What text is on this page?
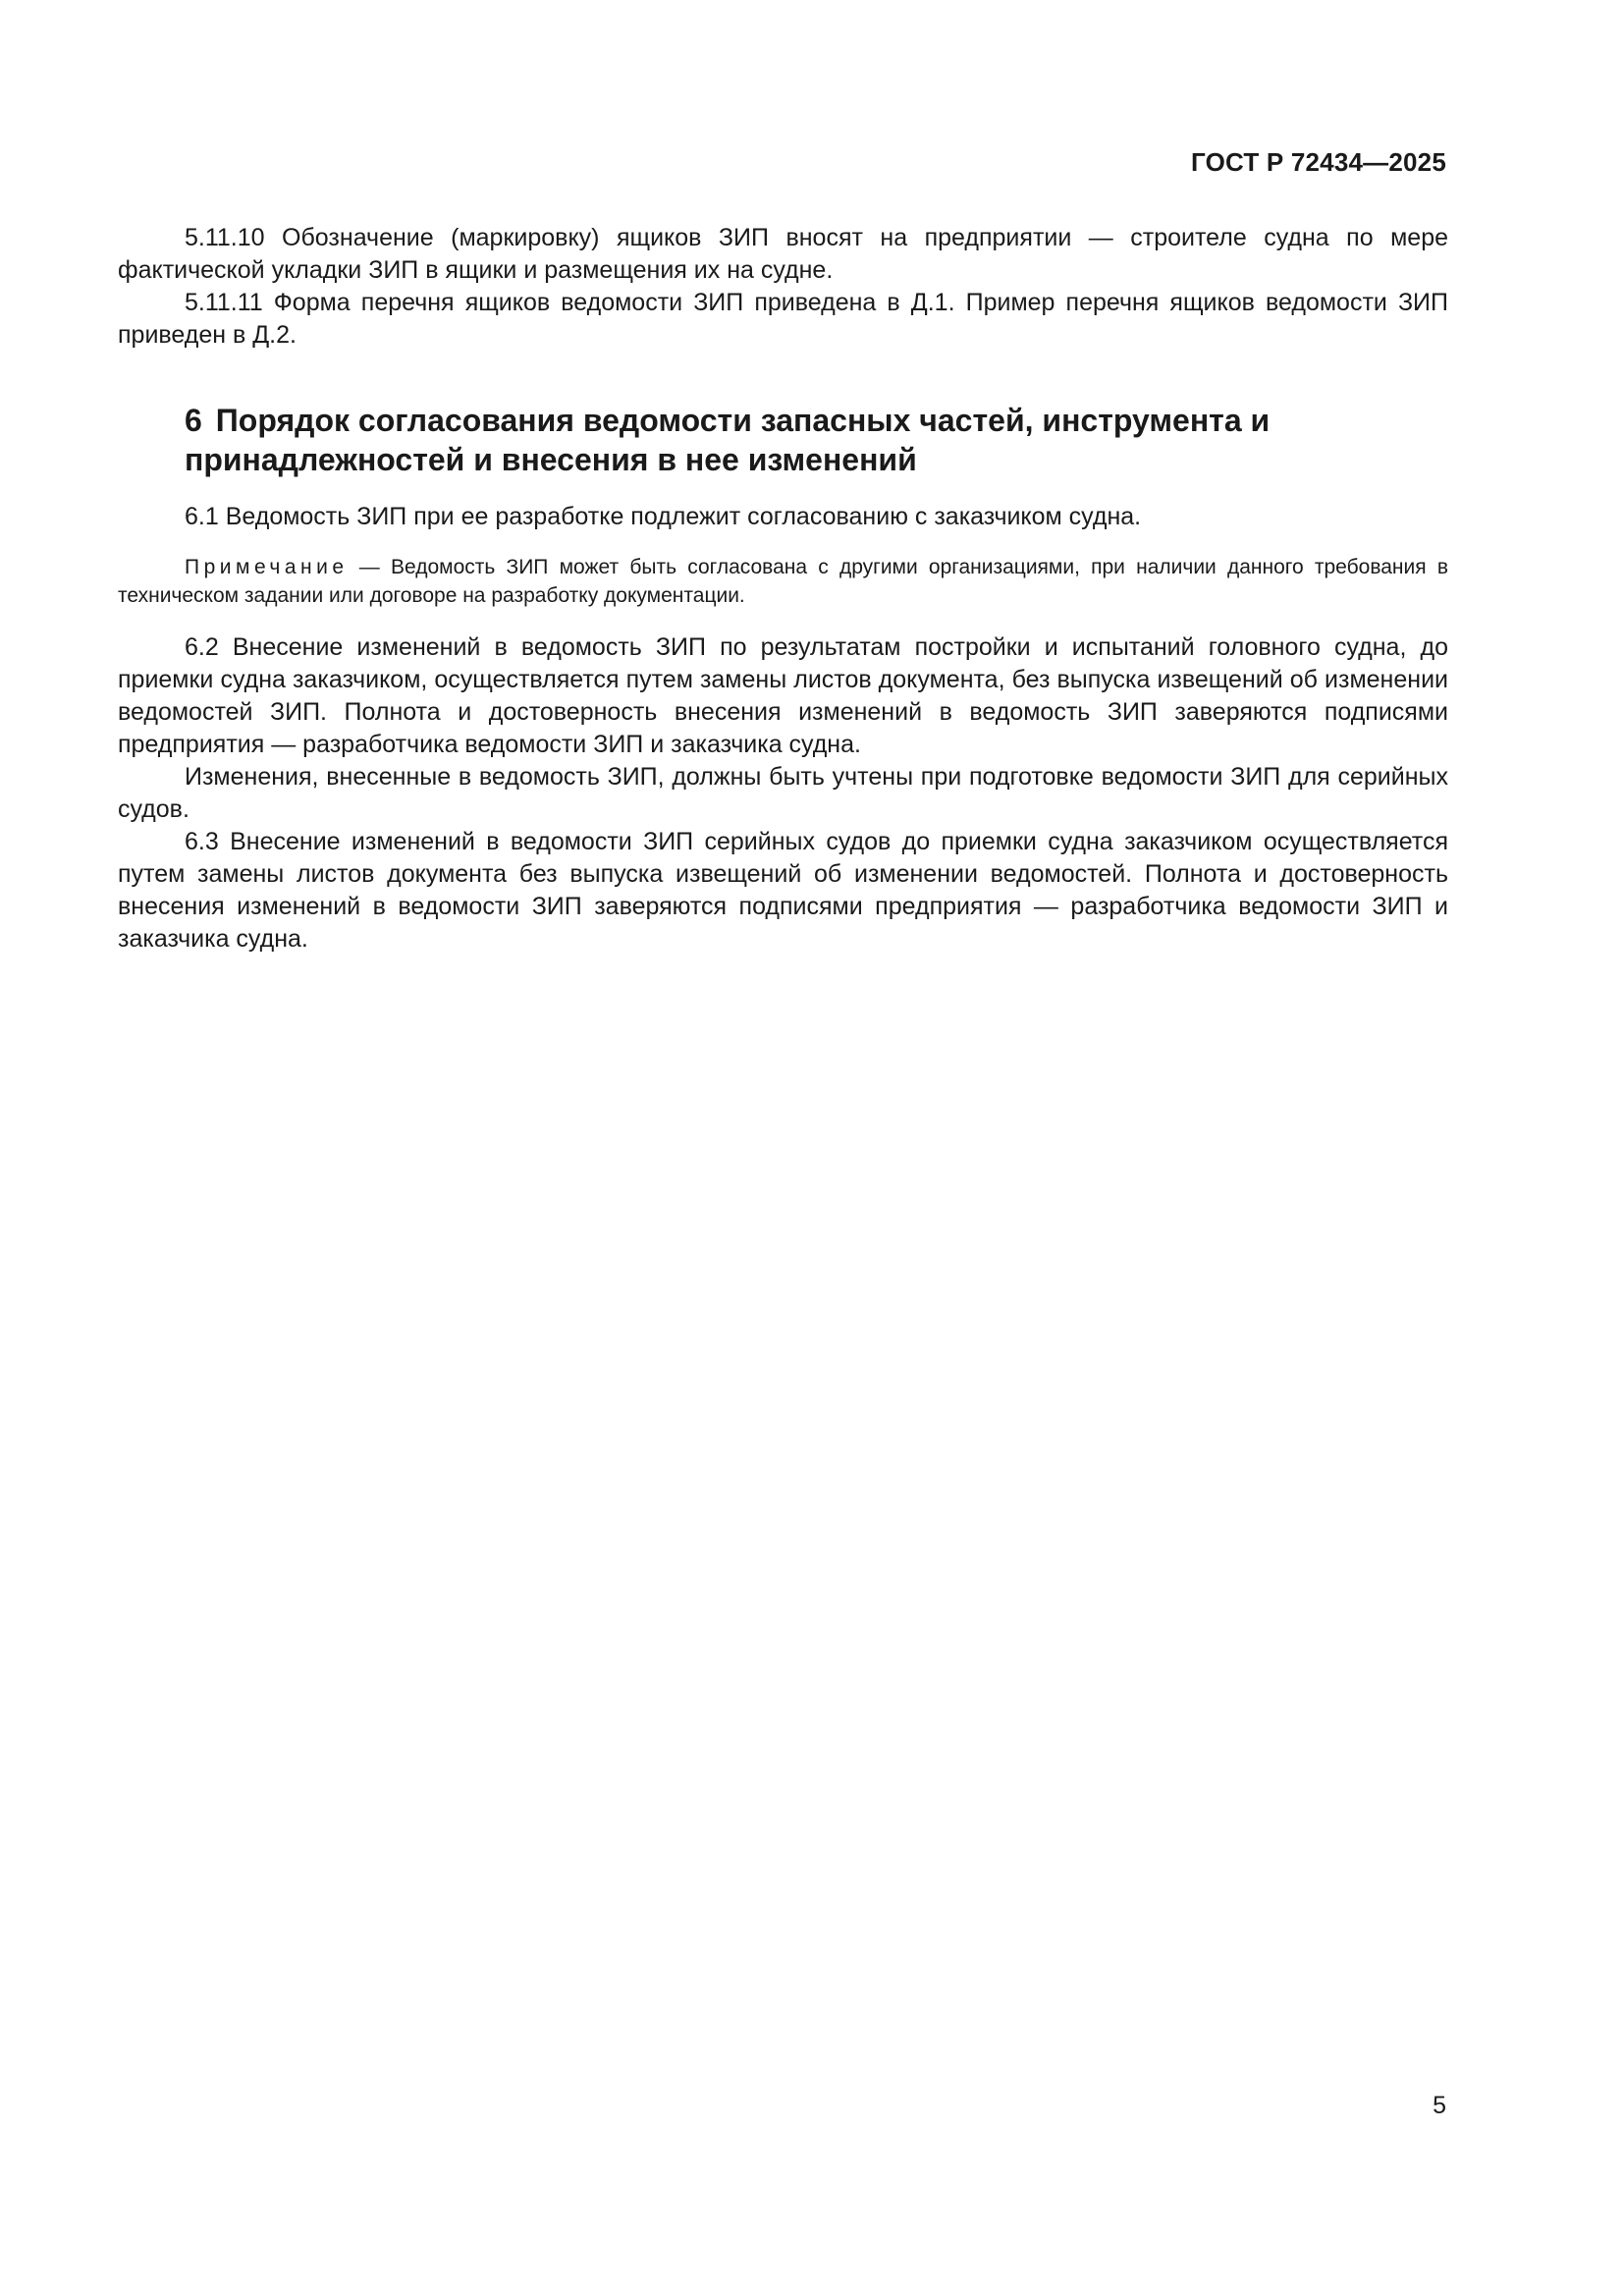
ГОСТ Р 72434—2025

5.11.10 Обозначение (маркировку) ящиков ЗИП вносят на предприятии — строителе судна по мере фактической укладки ЗИП в ящики и размещения их на судне.

5.11.11 Форма перечня ящиков ведомости ЗИП приведена в Д.1. Пример перечня ящиков ведомости ЗИП приведен в Д.2.

6 Порядок согласования ведомости запасных частей, инструмента и принадлежностей и внесения в нее изменений

6.1 Ведомость ЗИП при ее разработке подлежит согласованию с заказчиком судна.

Примечание — Ведомость ЗИП может быть согласована с другими организациями, при наличии данного требования в техническом задании или договоре на разработку документации.

6.2 Внесение изменений в ведомость ЗИП по результатам постройки и испытаний головного судна, до приемки судна заказчиком, осуществляется путем замены листов документа, без выпуска извещений об изменении ведомостей ЗИП. Полнота и достоверность внесения изменений в ведомость ЗИП заверяются подписями предприятия — разработчика ведомости ЗИП и заказчика судна.

Изменения, внесенные в ведомость ЗИП, должны быть учтены при подготовке ведомости ЗИП для серийных судов.

6.3 Внесение изменений в ведомости ЗИП серийных судов до приемки судна заказчиком осуществляется путем замены листов документа без выпуска извещений об изменении ведомостей. Полнота и достоверность внесения изменений в ведомости ЗИП заверяются подписями предприятия — разработчика ведомости ЗИП и заказчика судна.

5
